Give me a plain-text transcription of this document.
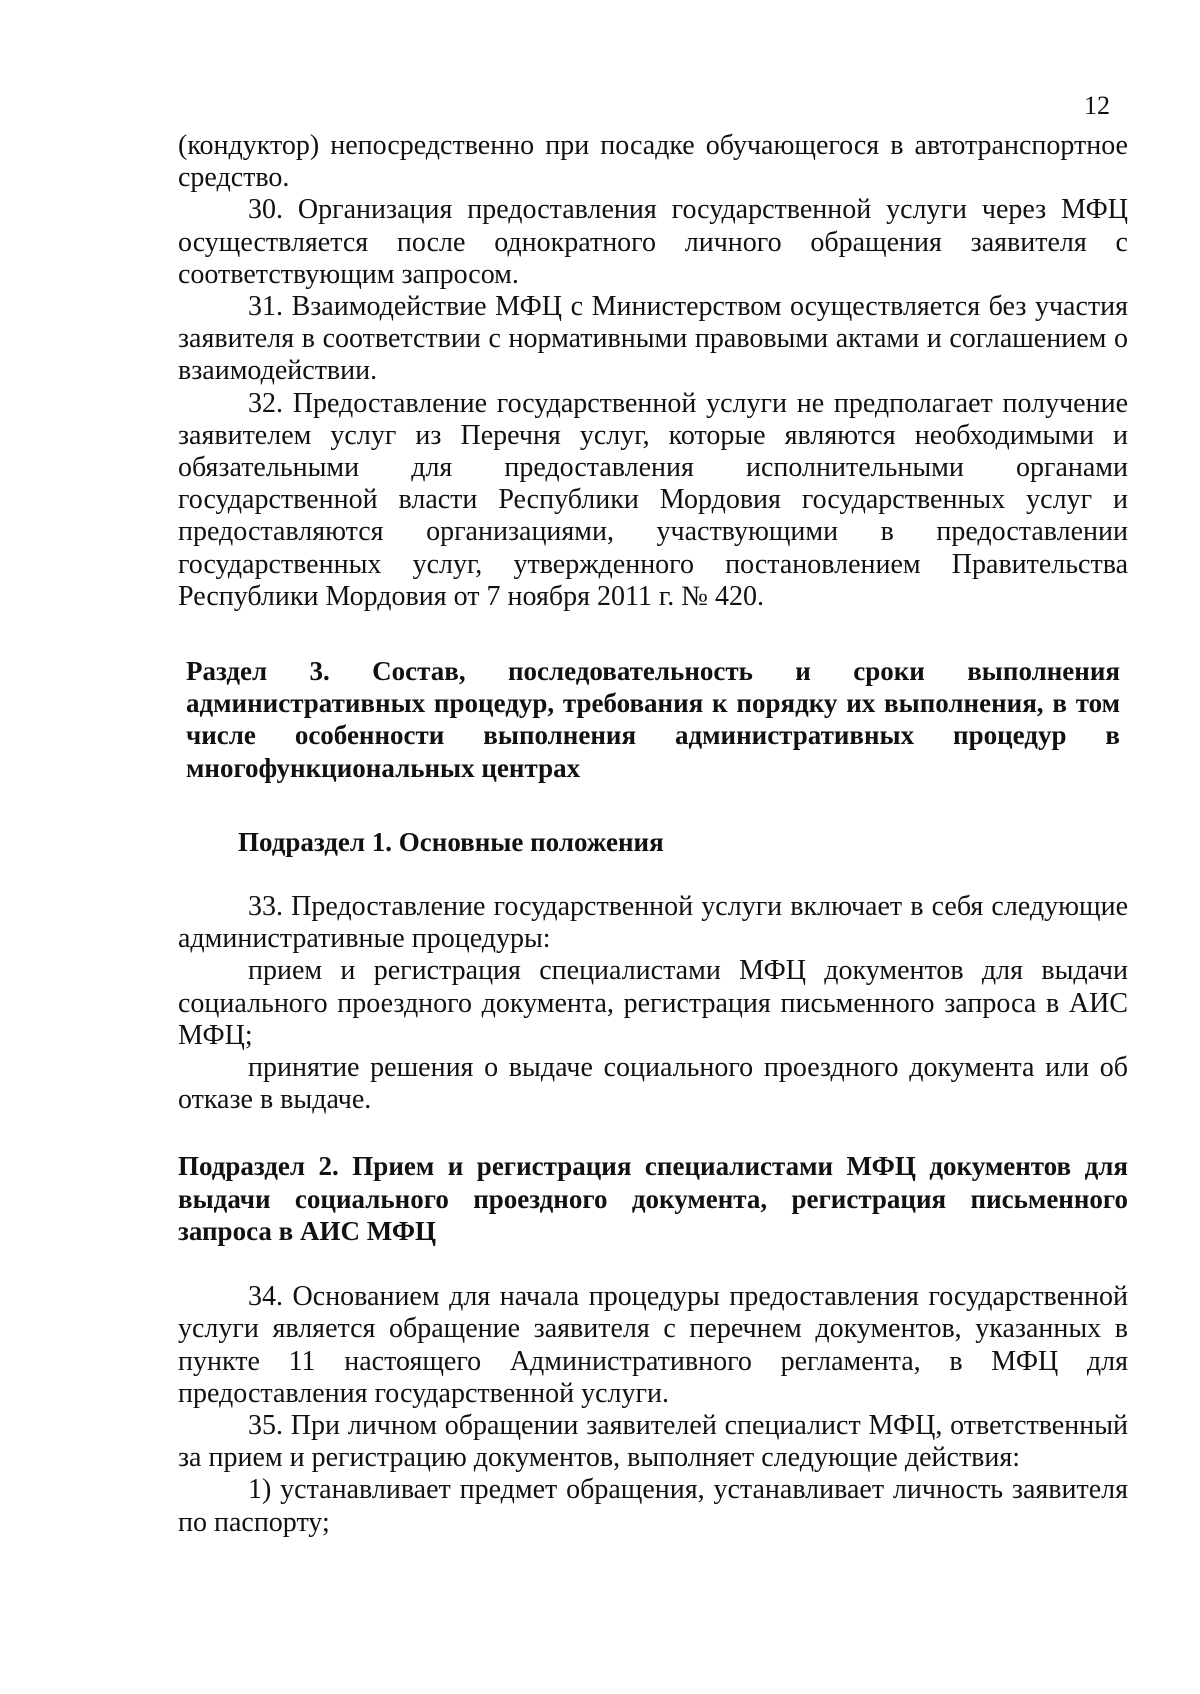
12

(кондуктор) непосредственно при посадке обучающегося в автотранспортное средство.

30. Организация предоставления государственной услуги через МФЦ осуществляется после однократного личного обращения заявителя с соответствующим запросом.

31. Взаимодействие МФЦ с Министерством осуществляется без участия заявителя в соответствии с нормативными правовыми актами и соглашением о взаимодействии.

32. Предоставление государственной услуги не предполагает получение заявителем услуг из Перечня услуг, которые являются необходимыми и обязательными для предоставления исполнительными органами государственной власти Республики Мордовия государственных услуг и предоставляются организациями, участвующими в предоставлении государственных услуг, утвержденного постановлением Правительства Республики Мордовия от 7 ноября 2011 г. № 420.

Раздел 3. Состав, последовательность и сроки выполнения административных процедур, требования к порядку их выполнения, в том числе особенности выполнения административных процедур в многофункциональных центрах

Подраздел 1. Основные положения

33. Предоставление государственной услуги включает в себя следующие административные процедуры:

прием и регистрация специалистами МФЦ документов для выдачи социального проездного документа, регистрация письменного запроса в АИС МФЦ;

принятие решения о выдаче социального проездного документа или об отказе в выдаче.

Подраздел 2. Прием и регистрация специалистами МФЦ документов для выдачи социального проездного документа, регистрация письменного запроса в АИС МФЦ

34. Основанием для начала процедуры предоставления государственной услуги является обращение заявителя с перечнем документов, указанных в пункте 11 настоящего Административного регламента, в МФЦ для предоставления государственной услуги.

35. При личном обращении заявителей специалист МФЦ, ответственный за прием и регистрацию документов, выполняет следующие действия:

1) устанавливает предмет обращения, устанавливает личность заявителя по паспорту;
